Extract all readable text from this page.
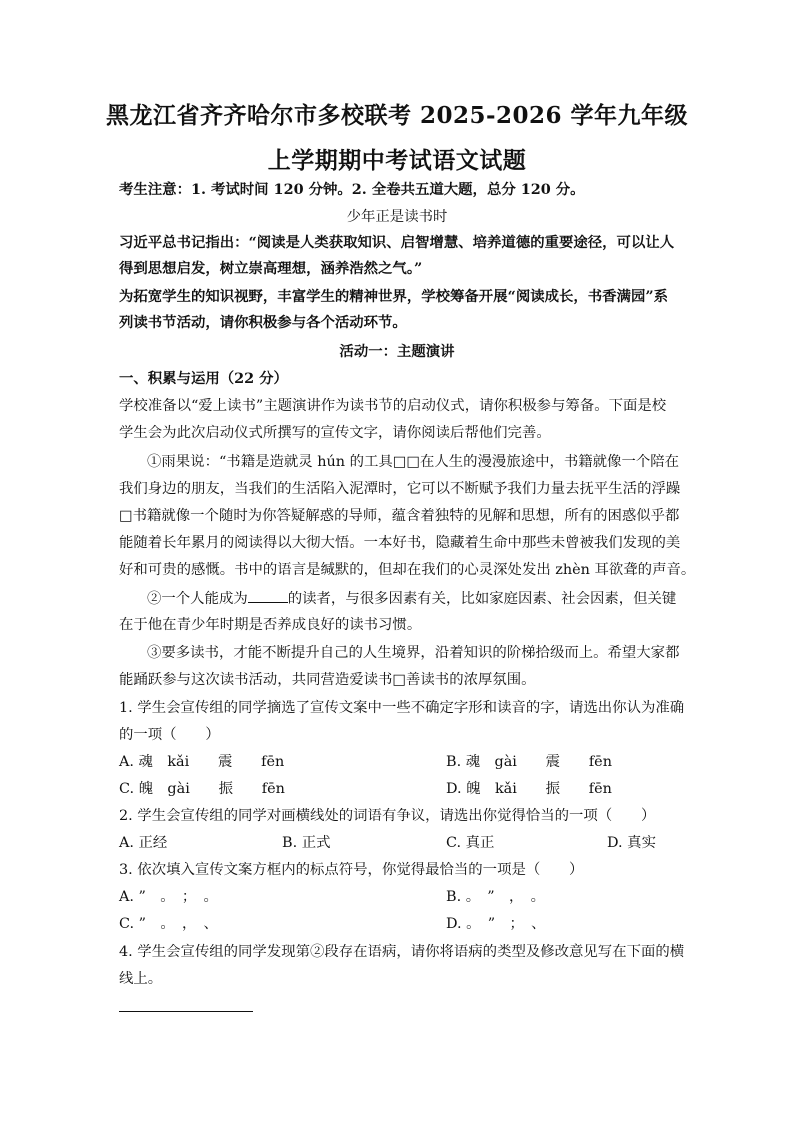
黑龙江省齐齐哈尔市多校联考 2025-2026 学年九年级
上学期期中考试语文试题
考生注意：1. 考试时间 120 分钟。2. 全卷共五道大题，总分 120 分。
少年正是读书时
习近平总书记指出：“阅读是人类获取知识、启智增慧、培养道德的重要途径，可以让人
得到思想启发，树立崇高理想，涵养浩然之气。”
为拓宽学生的知识视野，丰富学生的精神世界，学校筹备开展“阅读成长，书香满园”系
列读书节活动，请你积极参与各个活动环节。
活动一：主题演讲
一、积累与运用（22 分）
学校准备以“爱上读书”主题演讲作为读书节的启动仪式，请你积极参与筹备。下面是校
学生会为此次启动仪式所撰写的宣传文字，请你阅读后帮他们完善。
①雨果说：“书籍是造就灵 hún 的工具□□在人生的漫漫旅途中，书籍就像一个陪在
我们身边的朋友，当我们的生活陷入泥潭时，它可以不断赋予我们力量去抚平生活的浮躁
□书籍就像一个随时为你答疑解惑的导师，蕴含着独特的见解和思想，所有的困惑似乎都
能随着长年累月的阅读得以大彻大悟。一本好书，隐藏着生命中那些未曾被我们发现的美
好和可贵的感慨。书中的语言是缄默的，但却在我们的心灵深处发出 zhèn 耳欲聋的声音。
②一个人能成为	的读者，与很多因素有关，比如家庭因素、社会因素，但关键
在于他在青少年时期是否养成良好的读书习惯。
③要多读书，才能不断提升自己的人生境界，沿着知识的阶梯拾级而上。希望大家都
能踊跃参与这次读书活动，共同营造爱读书□善读书的浓厚氛围。
1. 学生会宣传组的同学摘选了宣传文案中一些不确定字形和读音的字，请选出你认为准确
的一项（　　）
A. 魂　kǎi　　震　　fēn	B. 魂　gài　　震　　fēn
C. 魄　gài　　振　　fēn	D. 魄　kǎi　　振　　fēn
2. 学生会宣传组的同学对画横线处的词语有争议，请选出你觉得恰当的一项（　　）
A. 正经	B. 正式	C. 真正	D. 真实
3. 依次填入宣传文案方框内的标点符号，你觉得最恰当的一项是（　　）
A. ”　。　；　。	B. 。　”　，　。
C. ”　。　，　、	D. 。　”　；　、
4. 学生会宣传组的同学发现第②段存在语病，请你将语病的类型及修改意见写在下面的横
线上。
